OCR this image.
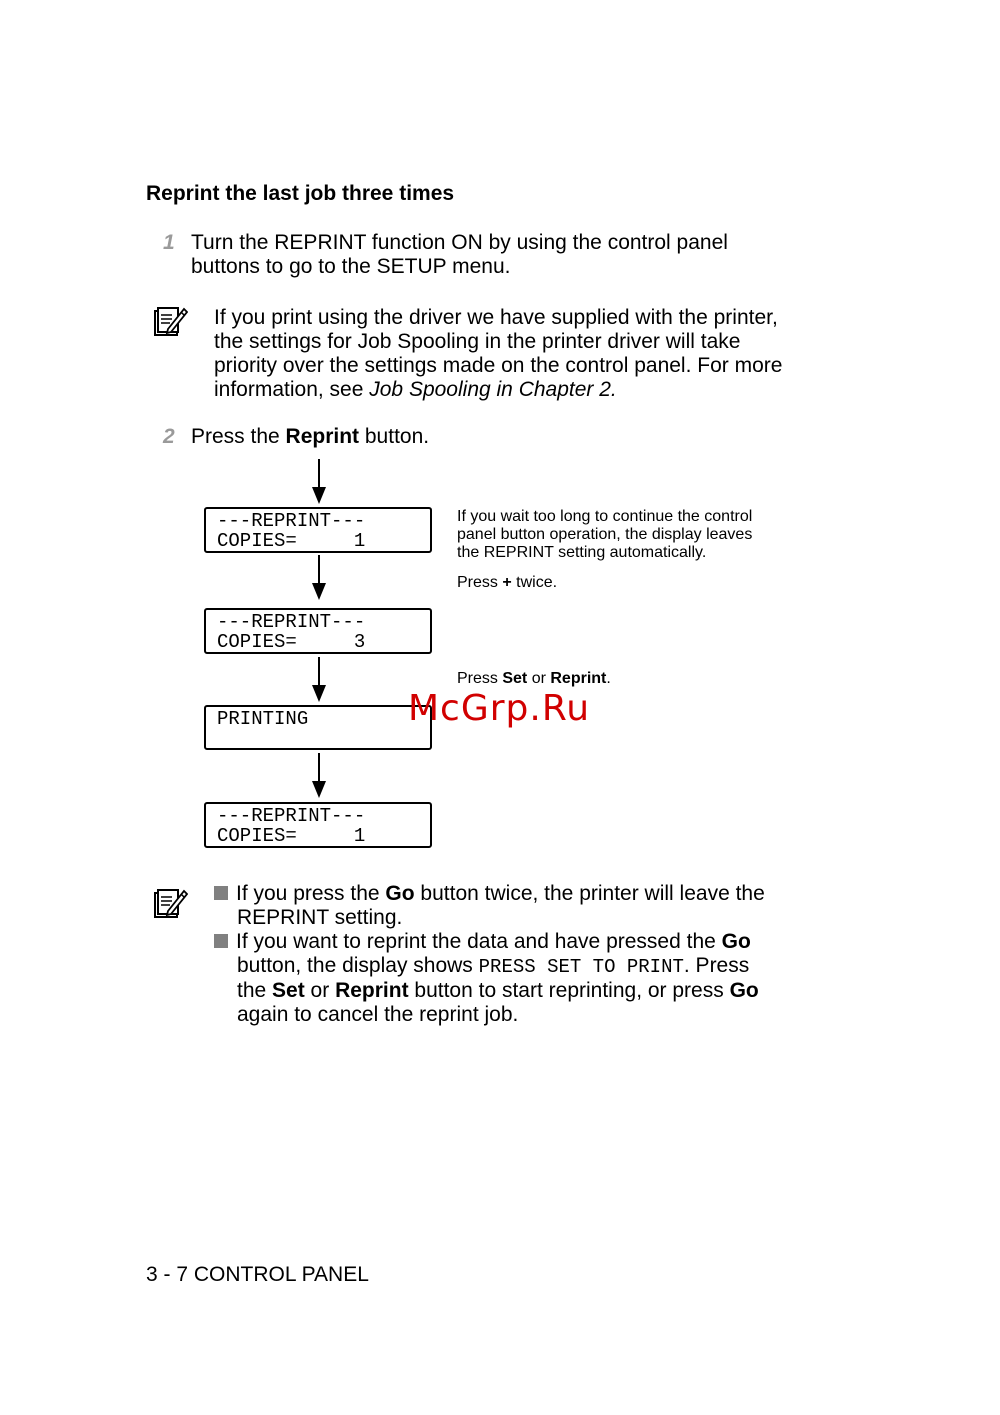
Reprint the last job three times
1 Turn the REPRINT function ON by using the control panel
buttons to go to the SETUP menu.
If you print using the driver we have supplied with the printer,
the settings for Job Spooling in the printer driver will take
priority over the settings made on the control panel. For more
information, see Job Spooling in Chapter 2.
2 Press the Reprint button.
---REPRINT---
COPIES=     1
---REPRINT---
COPIES=     3
PRINTING
---REPRINT---
COPIES=     1
If you wait too long to continue the control
panel button operation, the display leaves
the REPRINT setting automatically.
Press + twice.
Press Set or Reprint.
If you press the Go button twice, the printer will leave the
REPRINT setting.
If you want to reprint the data and have pressed the Go
button, the display shows PRESS SET TO PRINT. Press
the Set or Reprint button to start reprinting, or press Go
again to cancel the reprint job.
3 - 7 CONTROL PANEL
McGrp.Ru
